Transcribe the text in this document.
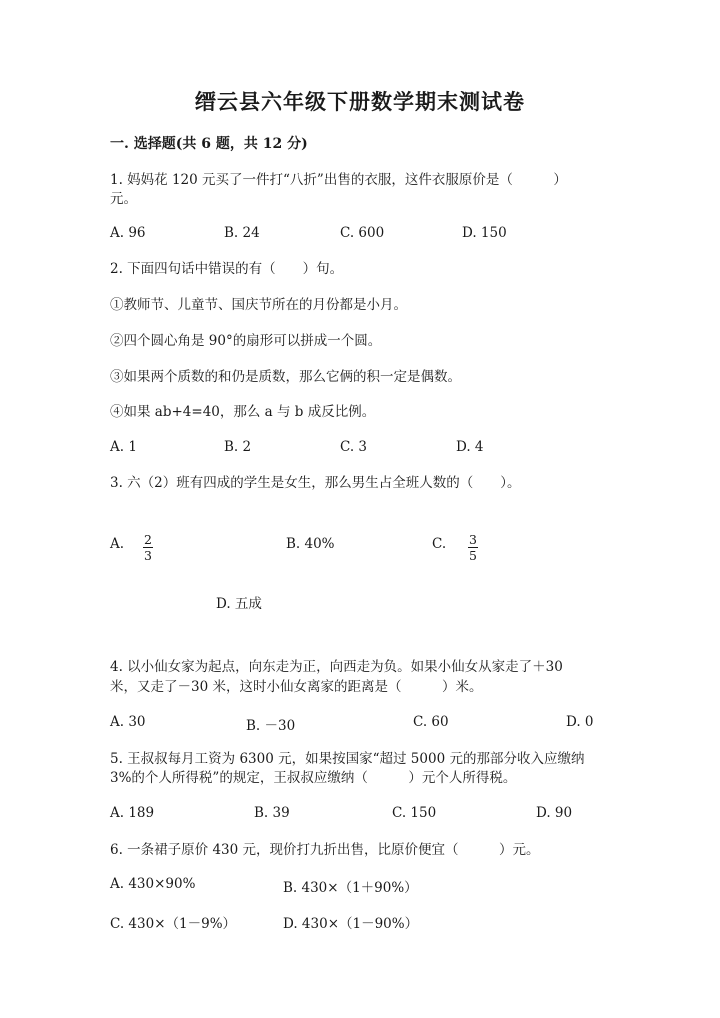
缙云县六年级下册数学期末测试卷
一. 选择题(共 6 题，共 12 分)
1. 妈妈花 120 元买了一件打“八折”出售的衣服，这件衣服原价是（　　　）
元。
A. 96	B. 24	C. 600	D. 150
2. 下面四句话中错误的有（　　）句。
①教师节、儿童节、国庆节所在的月份都是小月。
②四个圆心角是 90°的扇形可以拼成一个圆。
③如果两个质数的和仍是质数，那么它俩的积一定是偶数。
④如果 ab+4=40，那么 a 与 b 成反比例。
A. 1	B. 2	C. 3	D. 4
3. 六（2）班有四成的学生是女生，那么男生占全班人数的（　　）。
A. $\frac{2}{3}$	B. 40%	C. $\frac{3}{5}$
D. 五成
4. 以小仙女家为起点，向东走为正，向西走为负。如果小仙女从家走了＋30
米，又走了－30 米，这时小仙女离家的距离是（　　　）米。
A. 30	B. －30	C. 60	D. 0
5. 王叔叔每月工资为 6300 元，如果按国家“超过 5000 元的那部分收入应缴纳
3%的个人所得税”的规定，王叔叔应缴纳（　　　）元个人所得税。
A. 189	B. 39	C. 150	D. 90
6. 一条裙子原价 430 元，现价打九折出售，比原价便宜（　　　）元。
A. 430×90%	B. 430×（1＋90%）
C. 430×（1－9%）	D. 430×（1－90%）
